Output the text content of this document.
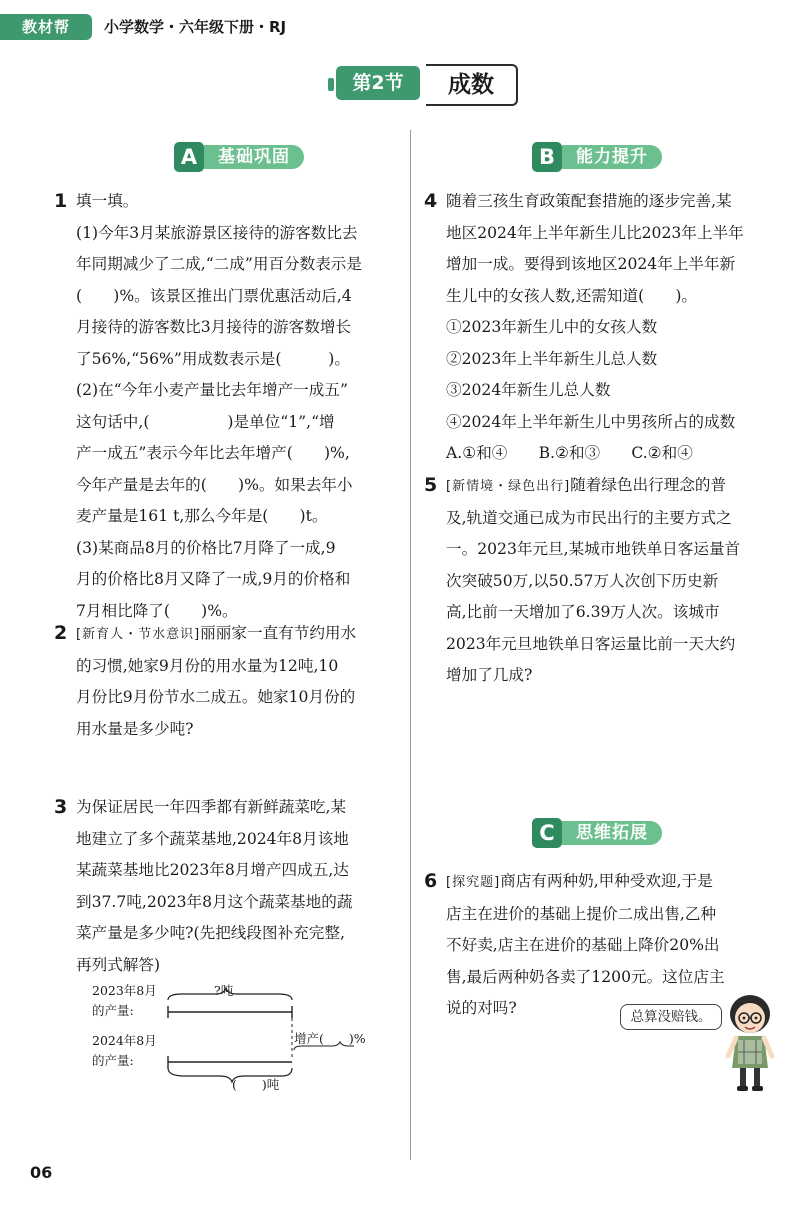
教材帮	小学数学・六年级下册・RJ
第2节	成数
A	基础巩固	B	能力提升
C	思维拓展
1 填一填。

(1)今年3月某旅游景区接待的游客数比去

年同期减少了二成,“二成”用百分数表示是

(　　)%。该景区推出门票优惠活动后,4

月接待的游客数比3月接待的游客数增长

了56%,“56%”用成数表示是(　　　)。

(2)在“今年小麦产量比去年增产一成五”

这句话中,(　　　　　)是单位“1”,“增

产一成五”表示今年比去年增产(　　)%,

今年产量是去年的(　　)%。如果去年小

麦产量是161 t,那么今年是(　　)t。

(3)某商品8月的价格比7月降了一成,9

月的价格比8月又降了一成,9月的价格和

7月相比降了(　　)%。

2 [新育人・节水意识]丽丽家一直有节约用水

的习惯,她家9月份的用水量为12吨,10

月份比9月份节水二成五。她家10月份的

用水量是多少吨?

3 为保证居民一年四季都有新鲜蔬菜吃,某

地建立了多个蔬菜基地,2024年8月该地

某蔬菜基地比2023年8月增产四成五,达

到37.7吨,2023年8月这个蔬菜基地的蔬

菜产量是多少吨?(先把线段图补充完整,

再列式解答)

2023年8月
的产量:
?吨
2024年8月
的产量:
增产(　　)%
(　　)吨
4 随着三孩生育政策配套措施的逐步完善,某

地区2024年上半年新生儿比2023年上半年

增加一成。要得到该地区2024年上半年新

生儿中的女孩人数,还需知道(　　)。

①2023年新生儿中的女孩人数

②2023年上半年新生儿总人数

③2024年新生儿总人数

④2024年上半年新生儿中男孩所占的成数

A.①和④　　B.②和③　　C.②和④

5 [新情境・绿色出行]随着绿色出行理念的普

及,轨道交通已成为市民出行的主要方式之

一。2023年元旦,某城市地铁单日客运量首

次突破50万,以50.57万人次创下历史新

高,比前一天增加了6.39万人次。该城市

2023年元旦地铁单日客运量比前一天大约

增加了几成?

6 [探究题]商店有两种奶,甲种受欢迎,于是

店主在进价的基础上提价二成出售,乙种

不好卖,店主在进价的基础上降价20%出

售,最后两种奶各卖了1200元。这位店主

说的对吗?	总算没赔钱。
06
